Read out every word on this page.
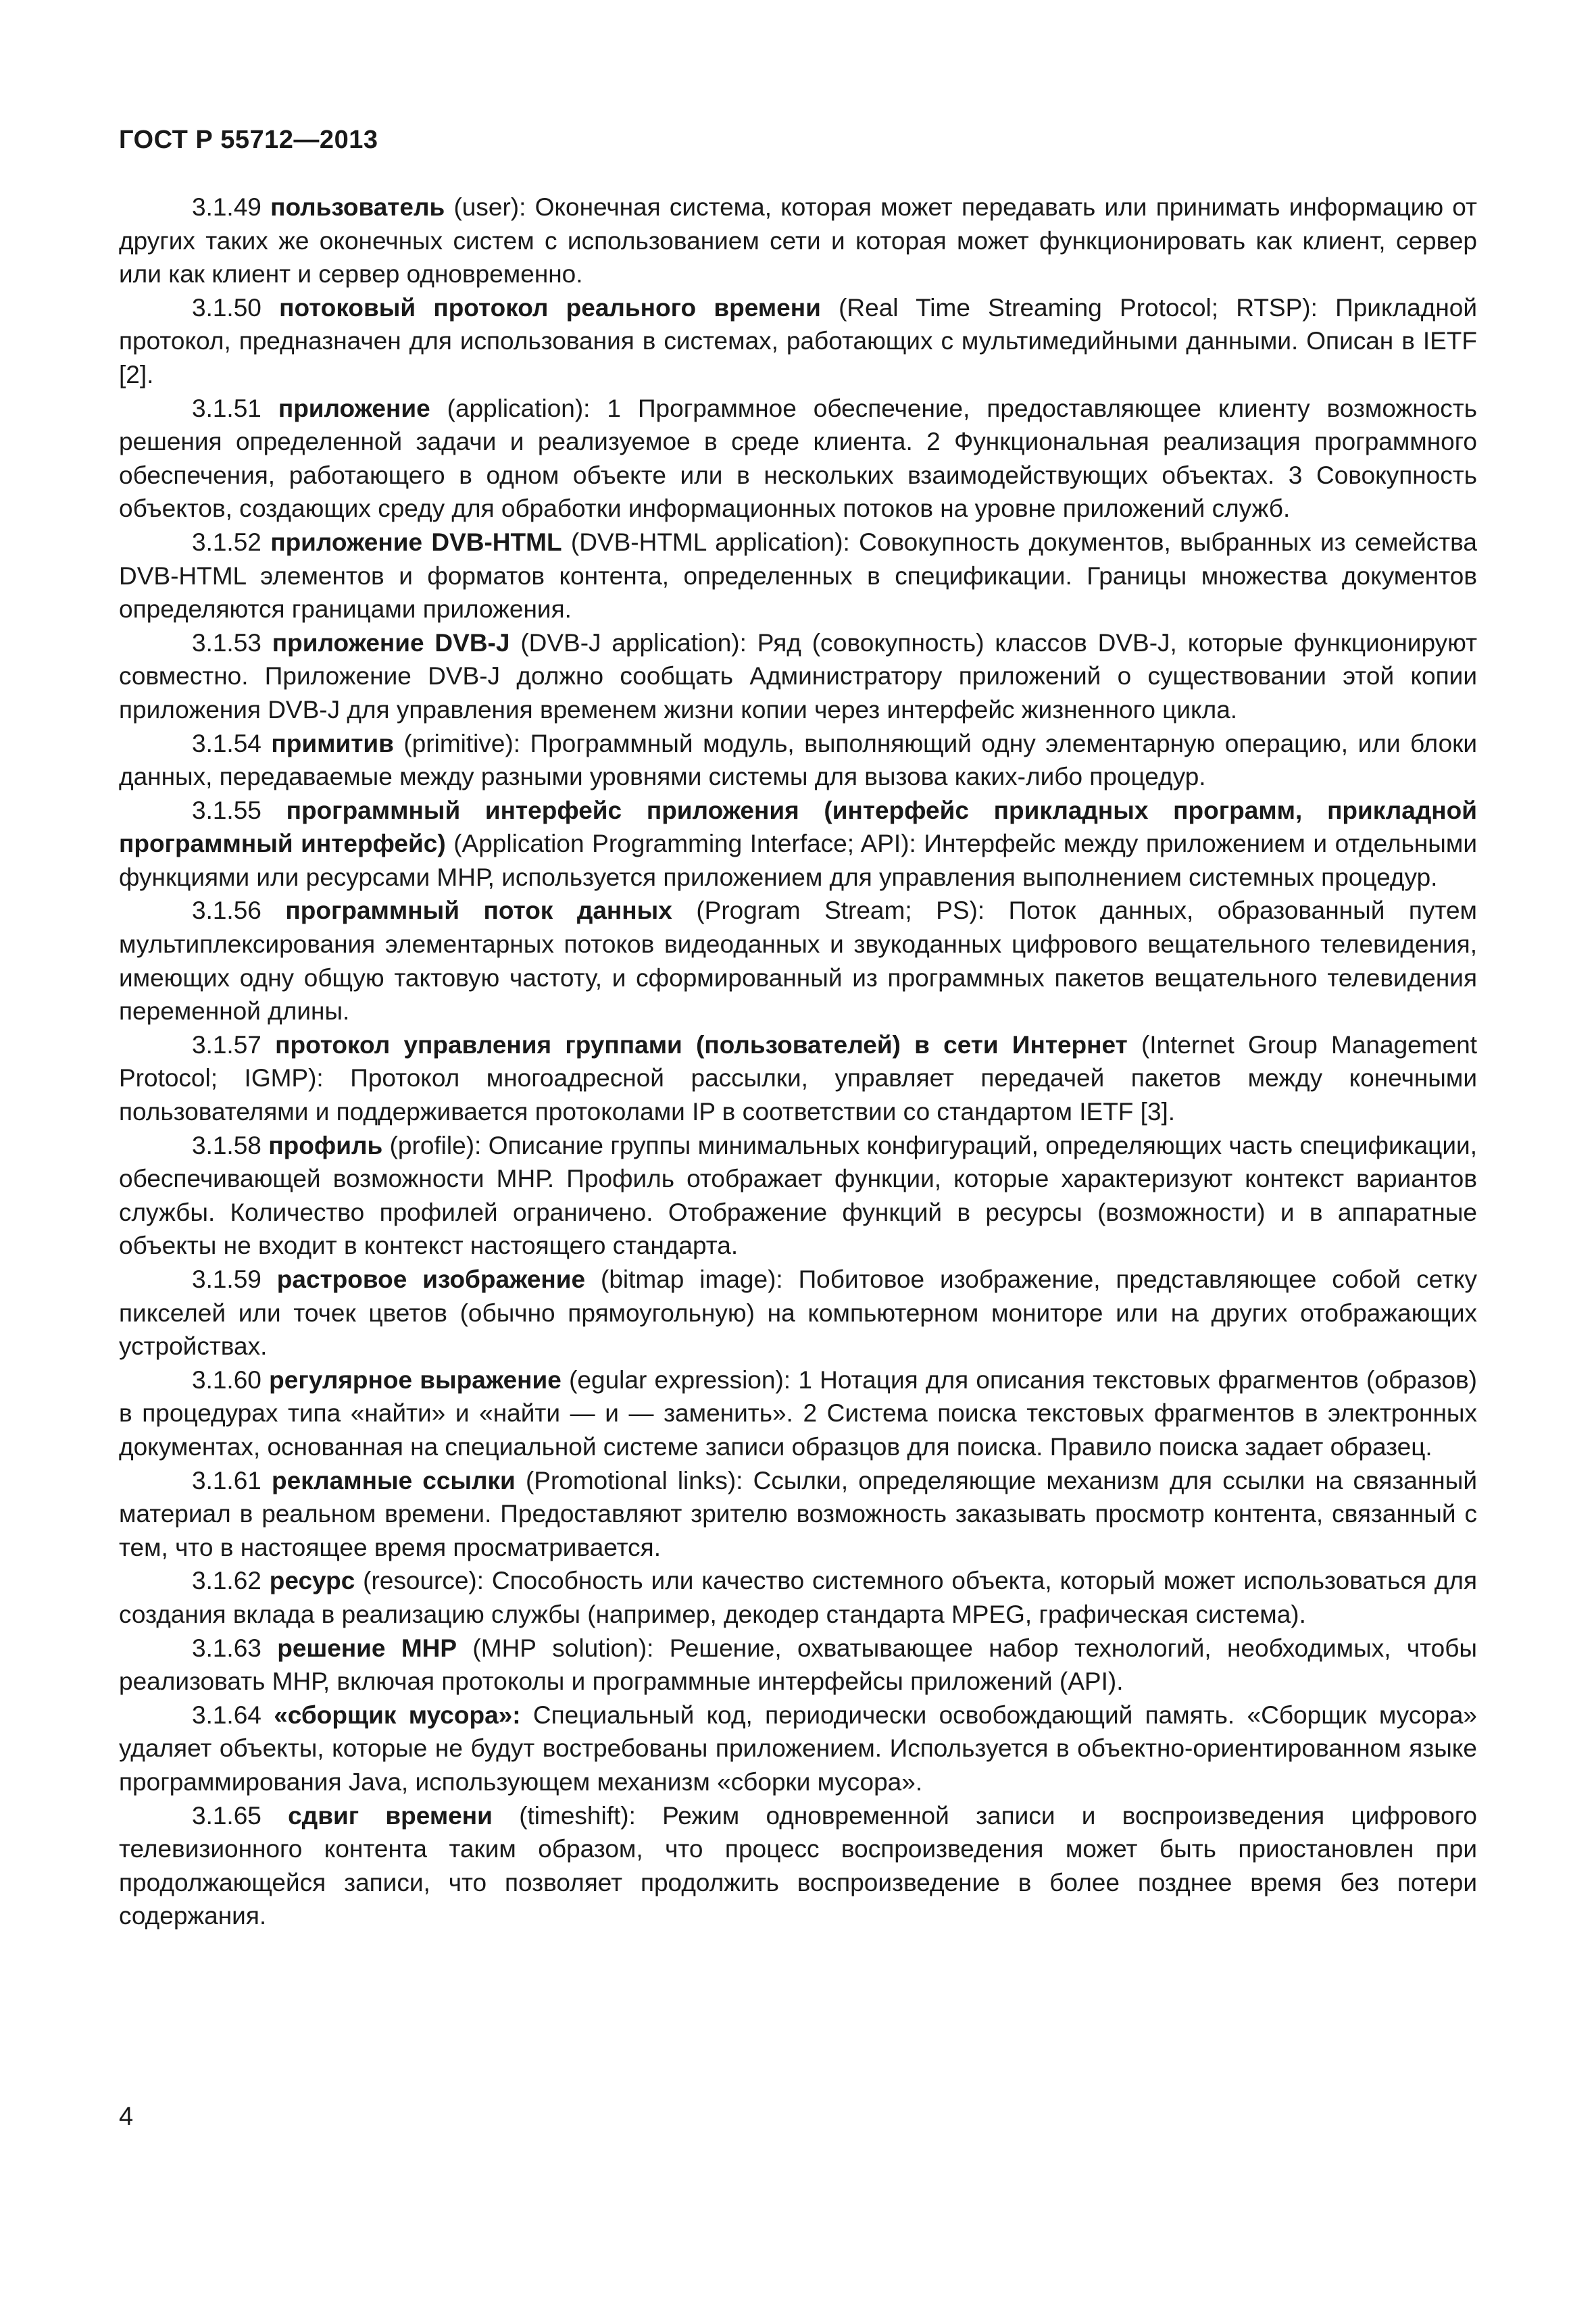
ГОСТ Р 55712—2013

3.1.49 пользователь (user): Оконечная система, которая может передавать или принимать информацию от других таких же оконечных систем с использованием сети и которая может функционировать как клиент, сервер или как клиент и сервер одновременно.

3.1.50 потоковый протокол реального времени (Real Time Streaming Protocol; RTSP): Прикладной протокол, предназначен для использования в системах, работающих с мультимедийными данными. Описан в IETF [2].

3.1.51 приложение (application): 1 Программное обеспечение, предоставляющее клиенту возможность решения определенной задачи и реализуемое в среде клиента. 2 Функциональная реализация программного обеспечения, работающего в одном объекте или в нескольких взаимодействующих объектах. 3 Совокупность объектов, создающих среду для обработки информационных потоков на уровне приложений служб.

3.1.52 приложение DVB-HTML (DVB-HTML application): Совокупность документов, выбранных из семейства DVB-HTML элементов и форматов контента, определенных в спецификации. Границы множества документов определяются границами приложения.

3.1.53 приложение DVB-J (DVB-J application): Ряд (совокупность) классов DVB-J, которые функционируют совместно. Приложение DVB-J должно сообщать Администратору приложений о существовании этой копии приложения DVB-J для управления временем жизни копии через интерфейс жизненного цикла.

3.1.54 примитив (primitive): Программный модуль, выполняющий одну элементарную операцию, или блоки данных, передаваемые между разными уровнями системы для вызова каких-либо процедур.

3.1.55 программный интерфейс приложения (интерфейс прикладных программ, прикладной программный интерфейс) (Application Programming Interface; API): Интерфейс между приложением и отдельными функциями или ресурсами МНР, используется приложением для управления выполнением системных процедур.

3.1.56 программный поток данных (Program Stream; PS): Поток данных, образованный путем мультиплексирования элементарных потоков видеоданных и звукоданных цифрового вещательного телевидения, имеющих одну общую тактовую частоту, и сформированный из программных пакетов вещательного телевидения переменной длины.

3.1.57 протокол управления группами (пользователей) в сети Интернет (Internet Group Management Protocol; IGMP): Протокол многоадресной рассылки, управляет передачей пакетов между конечными пользователями и поддерживается протоколами IP в соответствии со стандартом IETF [3].

3.1.58 профиль (profile): Описание группы минимальных конфигураций, определяющих часть спецификации, обеспечивающей возможности МНР. Профиль отображает функции, которые характеризуют контекст вариантов службы. Количество профилей ограничено. Отображение функций в ресурсы (возможности) и в аппаратные объекты не входит в контекст настоящего стандарта.

3.1.59 растровое изображение (bitmap image): Побитовое изображение, представляющее собой сетку пикселей или точек цветов (обычно прямоугольную) на компьютерном мониторе или на других отображающих устройствах.

3.1.60 регулярное выражение (egular expression): 1 Нотация для описания текстовых фрагментов (образов) в процедурах типа «найти» и «найти — и — заменить». 2 Система поиска текстовых фрагментов в электронных документах, основанная на специальной системе записи образцов для поиска. Правило поиска задает образец.

3.1.61 рекламные ссылки (Promotional links): Ссылки, определяющие механизм для ссылки на связанный материал в реальном времени. Предоставляют зрителю возможность заказывать просмотр контента, связанный с тем, что в настоящее время просматривается.

3.1.62 ресурс (resource): Способность или качество системного объекта, который может использоваться для создания вклада в реализацию службы (например, декодер стандарта MPEG, графическая система).

3.1.63 решение МНР (МНР solution): Решение, охватывающее набор технологий, необходимых, чтобы реализовать МНР, включая протоколы и программные интерфейсы приложений (API).

3.1.64 «сборщик мусора»: Специальный код, периодически освобождающий память. «Сборщик мусора» удаляет объекты, которые не будут востребованы приложением. Используется в объектно-ориентированном языке программирования Java, использующем механизм «сборки мусора».

3.1.65 сдвиг времени (timeshift): Режим одновременной записи и воспроизведения цифрового телевизионного контента таким образом, что процесс воспроизведения может быть приостановлен при продолжающейся записи, что позволяет продолжить воспроизведение в более позднее время без потери содержания.

4
